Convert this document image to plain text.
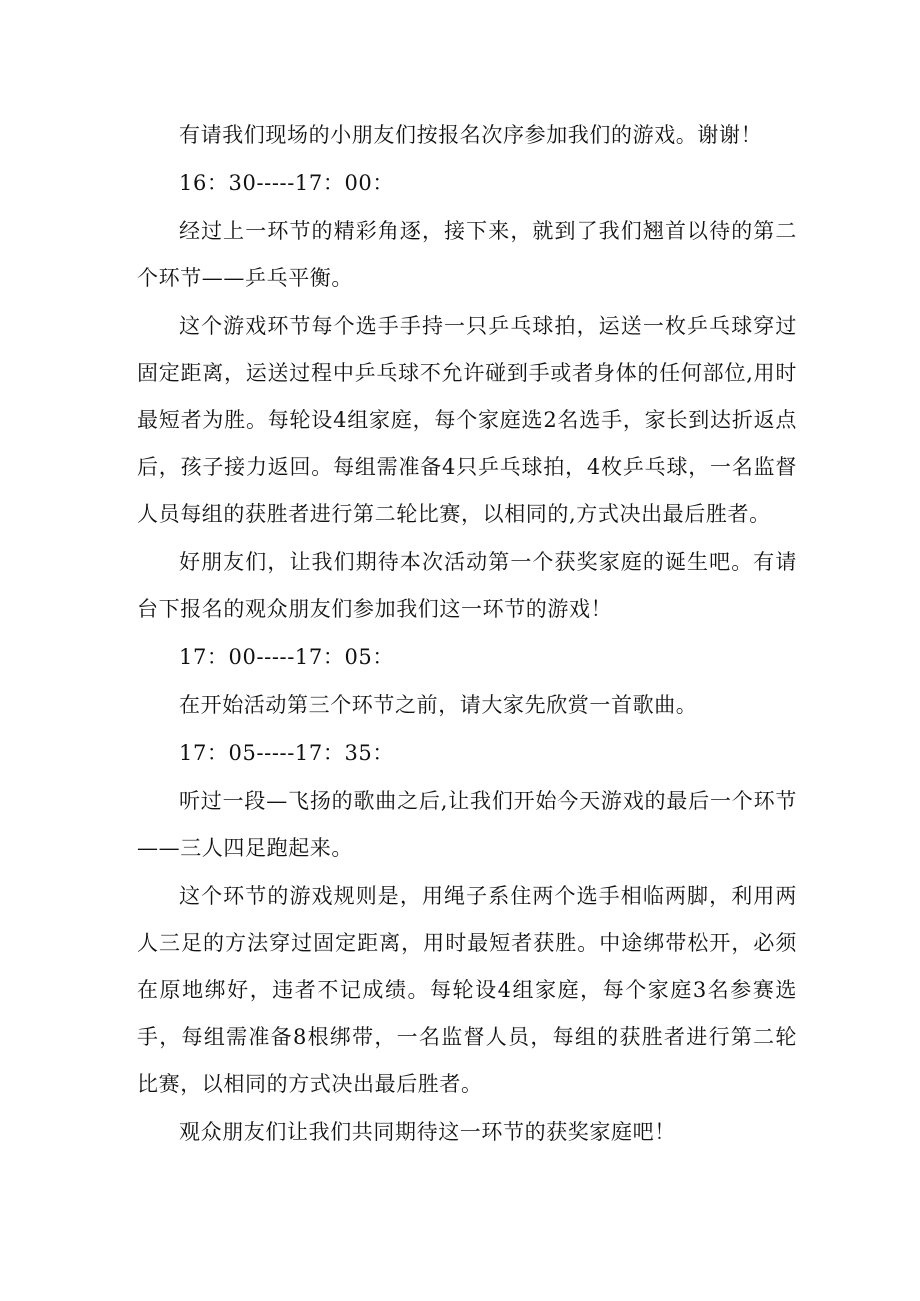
有请我们现场的小朋友们按报名次序参加我们的游戏。谢谢！

16：30-----17：00：

经过上一环节的精彩角逐，接下来，就到了我们翘首以待的第二个环节——乒乓平衡。

这个游戏环节每个选手手持一只乒乓球拍，运送一枚乒乓球穿过固定距离，运送过程中乒乓球不允许碰到手或者身体的任何部位,用时最短者为胜。每轮设4组家庭，每个家庭选2名选手，家长到达折返点后，孩子接力返回。每组需准备4只乒乓球拍，4枚乒乓球，一名监督人员每组的获胜者进行第二轮比赛，以相同的,方式决出最后胜者。

好朋友们，让我们期待本次活动第一个获奖家庭的诞生吧。有请台下报名的观众朋友们参加我们这一环节的游戏！

17：00-----17：05：

在开始活动第三个环节之前，请大家先欣赏一首歌曲。

17：05-----17：35：

听过一段—飞扬的歌曲之后,让我们开始今天游戏的最后一个环节——三人四足跑起来。

这个环节的游戏规则是，用绳子系住两个选手相临两脚，利用两人三足的方法穿过固定距离，用时最短者获胜。中途绑带松开，必须在原地绑好，违者不记成绩。每轮设4组家庭，每个家庭3名参赛选手，每组需准备8根绑带，一名监督人员，每组的获胜者进行第二轮比赛，以相同的方式决出最后胜者。

观众朋友们让我们共同期待这一环节的获奖家庭吧！
